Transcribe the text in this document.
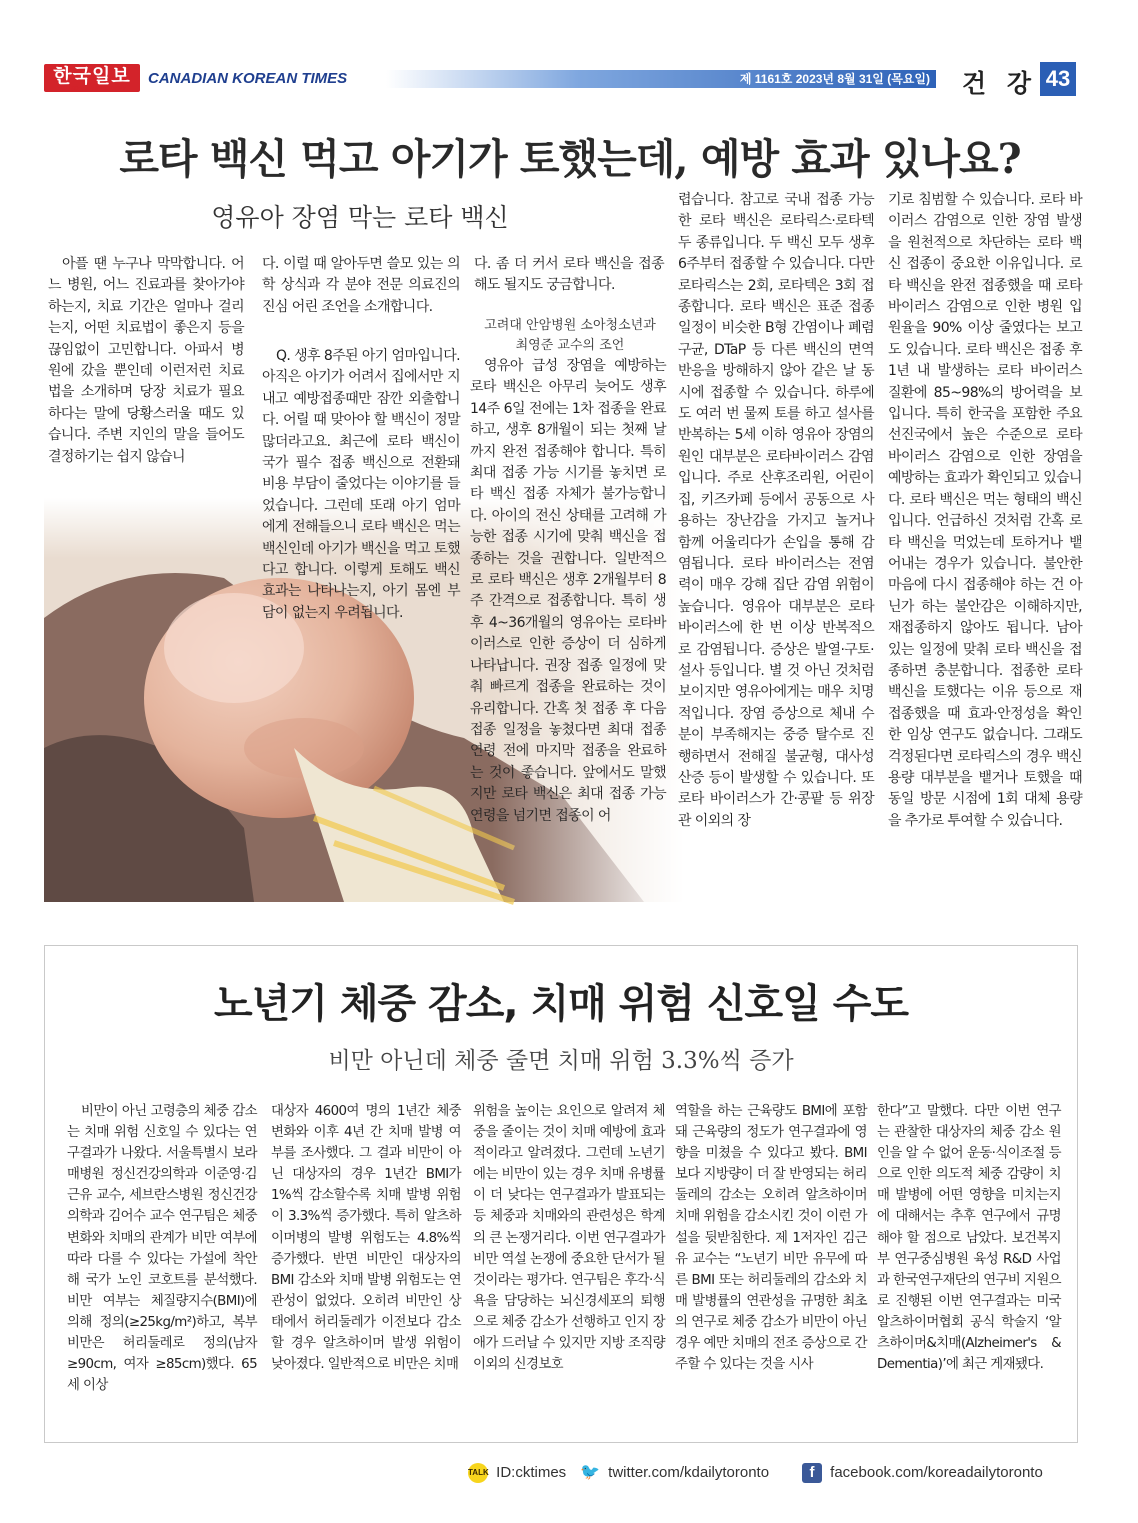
한국일보
THE KOREA TIMES DAILY
CANADIAN KOREAN TIMES	제 1161호 2023년 8월 31일 (목요일) 건 강 43
로타 백신 먹고 아기가 토했는데, 예방 효과 있나요?
영유아 장염 막는 로타 백신

아플 땐 누구나 막막합니다. 어느 병원, 어느 진료과를 찾아가야 하는지, 치료 기간은 얼마나 걸리는지, 어떤 치료법이 좋은지 등을 끊임없이 고민합니다. 아파서 병원에 갔을 뿐인데 이런저런 치료법을 소개하며 당장 치료가 필요하다는 말에 당황스러울 때도 있습니다. 주변 지인의 말을 들어도 결정하기는 쉽지 않습니

다. 이럴 때 알아두면 쓸모 있는 의학 상식과 각 분야 전문 의료진의 진심 어린 조언을 소개합니다.

Q. 생후 8주된 아기 엄마입니다. 아직은 아기가 어려서 집에서만 지내고 예방접종때만 잠깐 외출합니다. 어릴 때 맞아야 할 백신이 정말 많더라고요. 최근에 로타 백신이 국가 필수 접종 백신으로 전환돼 비용 부담이 줄었다는 이야기를 들었습니다. 그런데 또래 아기 엄마에게 전해들으니 로타 백신은 먹는 백신인데 아기가 백신을 먹고 토했다고 합니다. 이렇게 토해도 백신 효과는 나타나는지, 아기 몸엔 부담이 없는지 우려됩니다.

다. 좀 더 커서 로타 백신을 접종해도 될지도 궁금합니다.

고려대 안암병원 소아청소년과 최영준 교수의 조언

영유아 급성 장염을 예방하는 로타 백신은 아무리 늦어도 생후 14주 6일 전에는 1차 접종을 완료하고, 생후 8개월이 되는 첫째 날까지 완전 접종해야 합니다. 특히 최대 접종 가능 시기를 놓치면 로타 백신 접종 자체가 불가능합니다. 아이의 전신 상태를 고려해 가능한 접종 시기에 맞춰 백신을 접종하는 것을 권합니다. 일반적으로 로타 백신은 생후 2개월부터 8주 간격으로 접종합니다. 특히 생후 4~36개월의 영유아는 로타바이러스로 인한 증상이 더 심하게 나타납니다. 권장 접종 일정에 맞춰 빠르게 접종을 완료하는 것이 유리합니다. 간혹 첫 접종 후 다음 접종 일정을 놓쳤다면 최대 접종 연령 전에 마지막 접종을 완료하는 것이 좋습니다. 앞에서도 말했지만 로타 백신은 최대 접종 가능 연령을 넘기면 접종이 어

렵습니다. 참고로 국내 접종 가능한 로타 백신은 로타릭스·로타텍 두 종류입니다. 두 백신 모두 생후 6주부터 접종할 수 있습니다. 다만 로타릭스는 2회, 로타텍은 3회 접종합니다. 로타 백신은 표준 접종 일정이 비슷한 B형 간염이나 폐렴구균, DTaP 등 다른 백신의 면역 반응을 방해하지 않아 같은 날 동시에 접종할 수 있습니다. 하루에도 여러 번 물찌 토를 하고 설사를 반복하는 5세 이하 영유아 장염의 원인 대부분은 로타바이러스 감염입니다. 주로 산후조리원, 어린이집, 키즈카페 등에서 공동으로 사용하는 장난감을 가지고 놀거나 함께 어울리다가 손입을 통해 감염됩니다. 로타 바이러스는 전염력이 매우 강해 집단 감염 위험이 높습니다. 영유아 대부분은 로타 바이러스에 한 번 이상 반복적으로 감염됩니다. 증상은 발열·구토·설사 등입니다. 별 것 아닌 것처럼 보이지만 영유아에게는 매우 치명적입니다. 장염 증상으로 체내 수분이 부족해지는 중증 탈수로 진행하면서 전해질 불균형, 대사성 산증 등이 발생할 수 있습니다. 또 로타 바이러스가 간·콩팥 등 위장관 이외의 장

기로 침범할 수 있습니다. 로타 바이러스 감염으로 인한 장염 발생을 원천적으로 차단하는 로타 백신 접종이 중요한 이유입니다. 로타 백신을 완전 접종했을 때 로타 바이러스 감염으로 인한 병원 입원율을 90% 이상 줄였다는 보고도 있습니다. 로타 백신은 접종 후 1년 내 발생하는 로타 바이러스 질환에 85~98%의 방어력을 보입니다. 특히 한국을 포함한 주요 선진국에서 높은 수준으로 로타 바이러스 감염으로 인한 장염을 예방하는 효과가 확인되고 있습니다. 로타 백신은 먹는 형태의 백신입니다. 언급하신 것처럼 간혹 로타 백신을 먹었는데 토하거나 뱉어내는 경우가 있습니다. 불안한 마음에 다시 접종해야 하는 건 아닌가 하는 불안감은 이해하지만, 재접종하지 않아도 됩니다. 남아있는 일정에 맞춰 로타 백신을 접종하면 충분합니다. 접종한 로타 백신을 토했다는 이유 등으로 재접종했을 때 효과·안정성을 확인한 임상 연구도 없습니다. 그래도 걱정된다면 로타릭스의 경우 백신 용량 대부분을 뱉거나 토했을 때 동일 방문 시점에 1회 대체 용량을 추가로 투여할 수 있습니다.

노년기 체중 감소, 치매 위험 신호일 수도
비만 아닌데 체중 줄면 치매 위험 3.3%씩 증가

비만이 아닌 고령층의 체중 감소는 치매 위험 신호일 수 있다는 연구결과가 나왔다. 서울특별시 보라매병원 정신건강의학과 이준영·김근유 교수, 세브란스병원 정신건강의학과 김어수 교수 연구팀은 체중 변화와 치매의 관계가 비만 여부에 따라 다를 수 있다는 가설에 착안해 국가 노인 코호트를 분석했다. 비만 여부는 체질량지수(BMI)에 의해 정의(≥25kg/m²)하고, 복부 비만은 허리둘레로 정의(남자 ≥90cm, 여자 ≥85cm)했다. 65세 이상

대상자 4600여 명의 1년간 체중 변화와 이후 4년 간 치매 발병 여부를 조사했다. 그 결과 비만이 아닌 대상자의 경우 1년간 BMI가 1%씩 감소할수록 치매 발병 위험이 3.3%씩 증가했다. 특히 알츠하이머병의 발병 위험도는 4.8%씩 증가했다. 반면 비만인 대상자의 BMI 감소와 치매 발병 위험도는 연관성이 없었다. 오히려 비만인 상태에서 허리둘레가 이전보다 감소할 경우 알츠하이머 발생 위험이 낮아졌다. 일반적으로 비만은 치매

위험을 높이는 요인으로 알려져 체중을 줄이는 것이 치매 예방에 효과적이라고 알려졌다. 그런데 노년기에는 비만이 있는 경우 치매 유병률이 더 낮다는 연구결과가 발표되는 등 체중과 치매와의 관련성은 학계의 큰 논쟁거리다. 이번 연구결과가 비만 역설 논쟁에 중요한 단서가 될 것이라는 평가다. 연구팀은 후각·식욕을 담당하는 뇌신경세포의 퇴행으로 체중 감소가 선행하고 인지 장애가 드러날 수 있지만 지방 조직량 이외의 신경보호

역할을 하는 근육량도 BMI에 포함돼 근육량의 정도가 연구결과에 영향을 미쳤을 수 있다고 봤다. BMI보다 지방량이 더 잘 반영되는 허리둘레의 감소는 오히려 알츠하이머 치매 위험을 감소시킨 것이 이런 가설을 뒷받침한다. 제 1저자인 김근유 교수는 “노년기 비만 유무에 따른 BMI 또는 허리둘레의 감소와 치매 발병률의 연관성을 규명한 최초의 연구로 체중 감소가 비만이 아닌 경우 예만 치매의 전조 증상으로 간주할 수 있다는 것을 시사

한다”고 말했다. 다만 이번 연구는 관찰한 대상자의 체중 감소 원인을 알 수 없어 운동·식이조절 등으로 인한 의도적 체중 감량이 치매 발병에 어떤 영향을 미치는지에 대해서는 추후 연구에서 규명해야 할 점으로 남았다. 보건복지부 연구중심병원 육성 R&D 사업과 한국연구재단의 연구비 지원으로 진행된 이번 연구결과는 미국 알츠하이머협회 공식 학술지 ‘알츠하이머&치매(Alzheimer's & Dementia)’에 최근 게재됐다.

TALK ID:cktimes 🐦 twitter.com/kdailytoronto	f facebook.com/koreadailytoronto
